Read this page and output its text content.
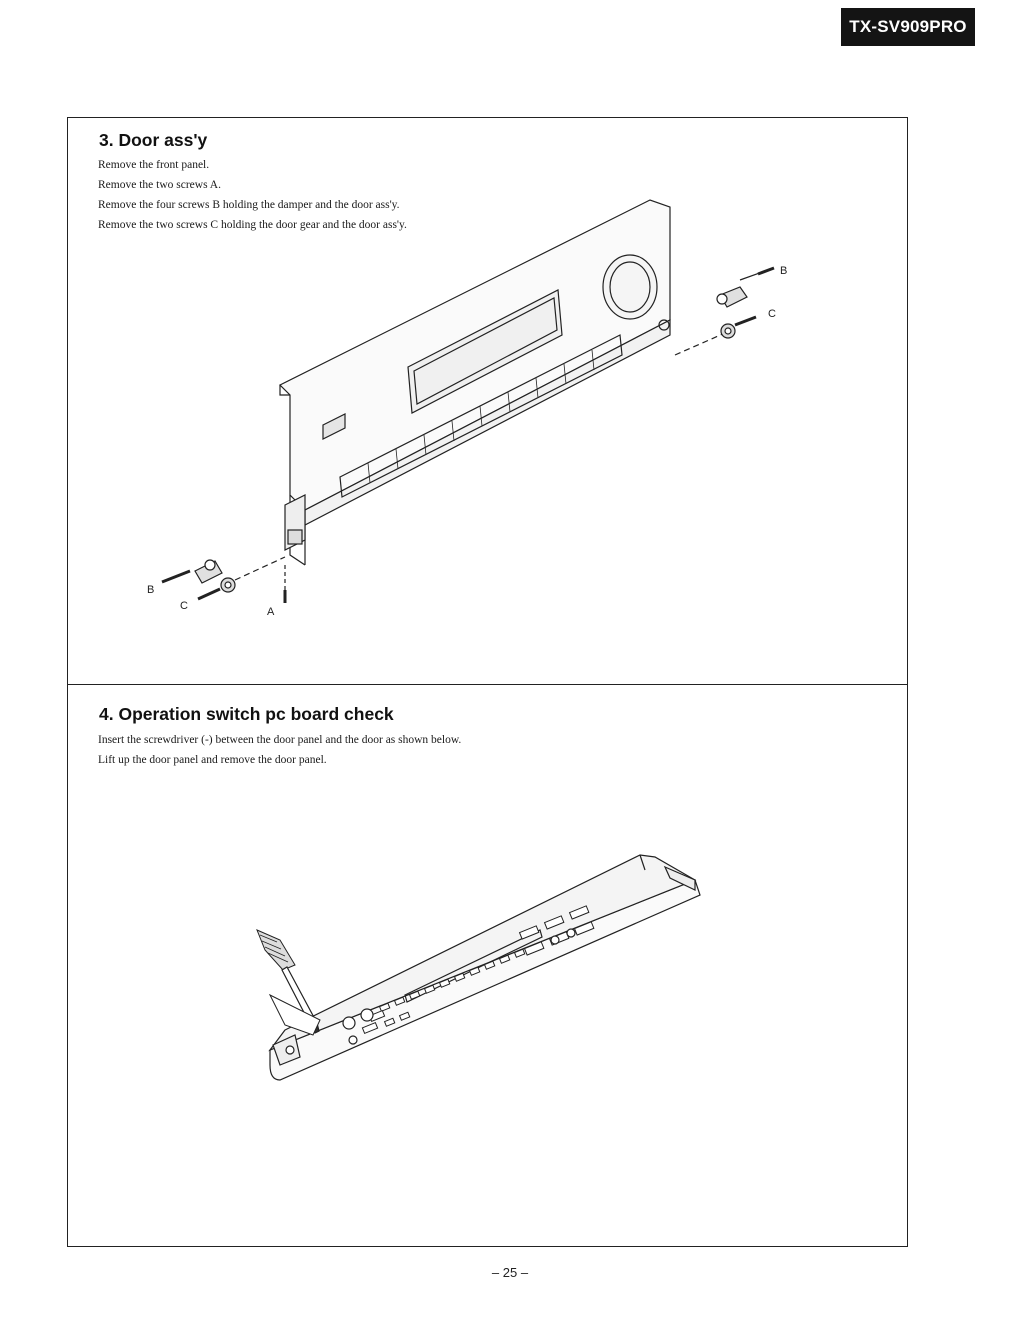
TX-SV909PRO
3. Door ass'y
Remove the front panel.
Remove the two screws A.
Remove the four screws B holding the damper and the door ass'y.
Remove the two screws C holding the door gear and the door ass'y.
B
C
B
C	A
4. Operation switch pc board check
Insert the screwdriver (-) between the door panel and the door as shown below.
Lift up the door panel and remove the door panel.
– 25 –
